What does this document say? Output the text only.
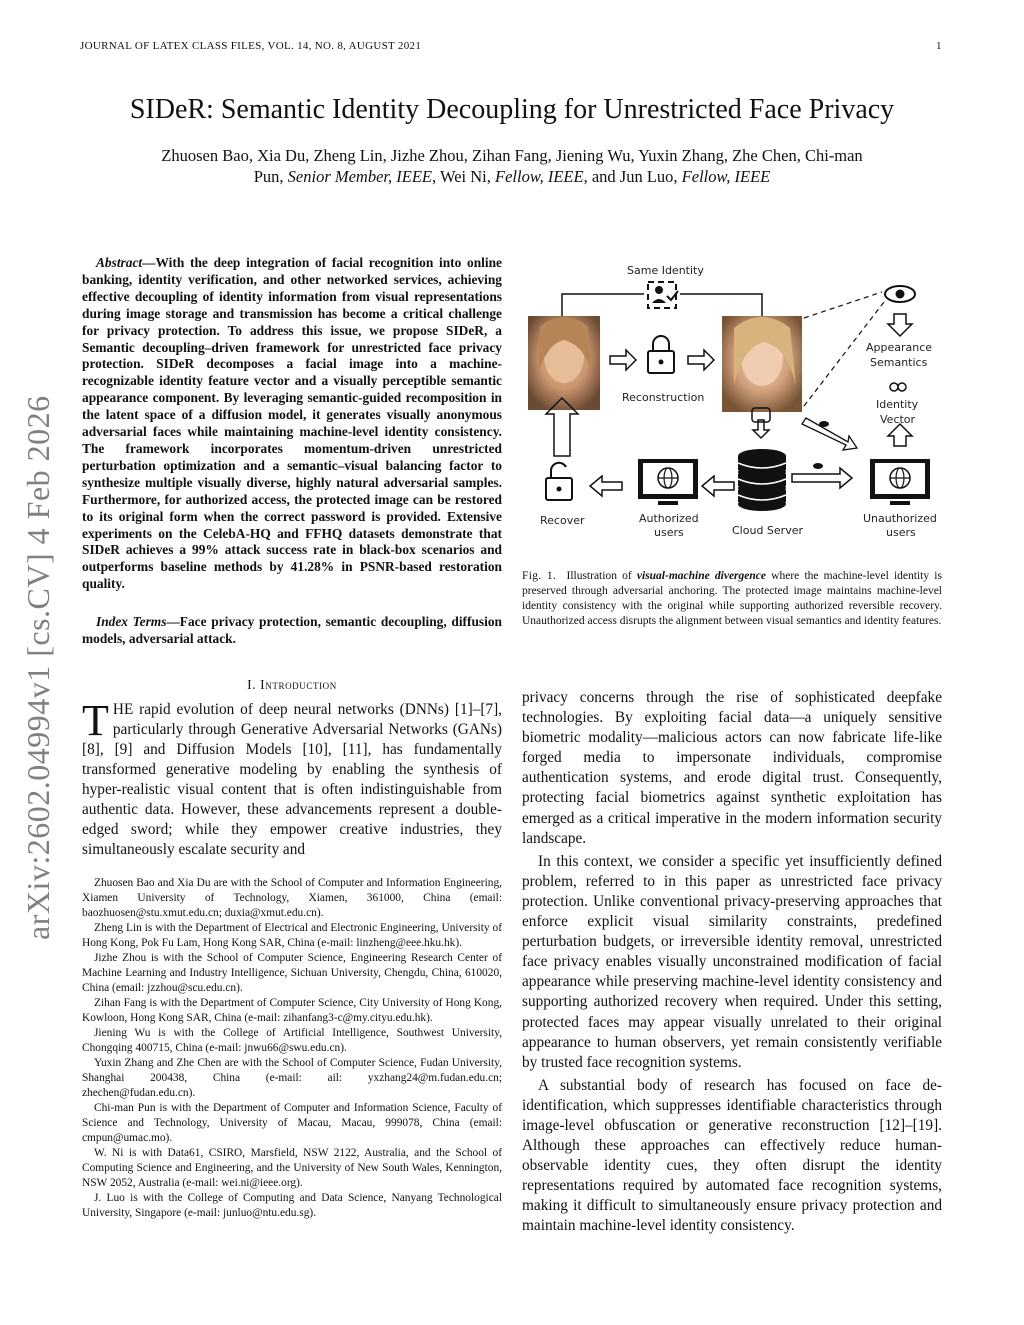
JOURNAL OF LATEX CLASS FILES, VOL. 14, NO. 8, AUGUST 2021	1
arXiv:2602.04994v1 [cs.CV] 4 Feb 2026
SIDeR: Semantic Identity Decoupling for Unrestricted Face Privacy
Zhuosen Bao, Xia Du, Zheng Lin, Jizhe Zhou, Zihan Fang, Jiening Wu, Yuxin Zhang, Zhe Chen, Chi-man
Pun, Senior Member, IEEE, Wei Ni, Fellow, IEEE, and Jun Luo, Fellow, IEEE

Abstract—With the deep integration of facial recognition into online banking, identity verification, and other networked services, achieving effective decoupling of identity information from visual representations during image storage and transmission has become a critical challenge for privacy protection. To address this issue, we propose SIDeR, a Semantic decoupling–driven framework for unrestricted face privacy protection. SIDeR decomposes a facial image into a machine-recognizable identity feature vector and a visually perceptible semantic appearance component. By leveraging semantic-guided recomposition in the latent space of a diffusion model, it generates visually anonymous adversarial faces while maintaining machine-level identity consistency. The framework incorporates momentum-driven unrestricted perturbation optimization and a semantic–visual balancing factor to synthesize multiple visually diverse, highly natural adversarial samples. Furthermore, for authorized access, the protected image can be restored to its original form when the correct password is provided. Extensive experiments on the CelebA-HQ and FFHQ datasets demonstrate that SIDeR achieves a 99% attack success rate in black-box scenarios and outperforms baseline methods by 41.28% in PSNR-based restoration quality.

Index Terms—Face privacy protection, semantic decoupling, diffusion models, adversarial attack.
I. Introduction

THE rapid evolution of deep neural networks (DNNs) [1]–[7], particularly through Generative Adversarial Networks (GANs) [8], [9] and Diffusion Models [10], [11], has fundamentally transformed generative modeling by enabling the synthesis of hyper-realistic visual content that is often indistinguishable from authentic data. However, these advancements represent a double-edged sword; while they empower creative industries, they simultaneously escalate security and

Zhuosen Bao and Xia Du are with the School of Computer and Information Engineering, Xiamen University of Technology, Xiamen, 361000, China (email: baozhuosen@stu.xmut.edu.cn; duxia@xmut.edu.cn).

Zheng Lin is with the Department of Electrical and Electronic Engineering, University of Hong Kong, Pok Fu Lam, Hong Kong SAR, China (e-mail: linzheng@eee.hku.hk).

Jizhe Zhou is with the School of Computer Science, Engineering Research Center of Machine Learning and Industry Intelligence, Sichuan University, Chengdu, China, 610020, China (email: jzzhou@scu.edu.cn).

Zihan Fang is with the Department of Computer Science, City University of Hong Kong, Kowloon, Hong Kong SAR, China (e-mail: zihanfang3-c@my.cityu.edu.hk).

Jiening Wu is with the College of Artificial Intelligence, Southwest University, Chongqing 400715, China (e-mail: jnwu66@swu.edu.cn).

Yuxin Zhang and Zhe Chen are with the School of Computer Science, Fudan University, Shanghai 200438, China (e-mail: ail: yxzhang24@m.fudan.edu.cn; zhechen@fudan.edu.cn).

Chi-man Pun is with the Department of Computer and Information Science, Faculty of Science and Technology, University of Macau, Macau, 999078, China (email: cmpun@umac.mo).

W. Ni is with Data61, CSIRO, Marsfield, NSW 2122, Australia, and the School of Computing Science and Engineering, and the University of New South Wales, Kennington, NSW 2052, Australia (e-mail: wei.ni@ieee.org).

J. Luo is with the College of Computing and Data Science, Nanyang Technological University, Singapore (e-mail: junluo@ntu.edu.sg).

Same Identity
Reconstruction
Appearance
Semantics
Identity
Vector
Recover	Authorized
users	Cloud Server
Unauthorized
users
Fig. 1. Illustration of visual-machine divergence where the machine-level identity is preserved through adversarial anchoring. The protected image maintains machine-level identity consistency with the original while supporting authorized reversible recovery. Unauthorized access disrupts the alignment between visual semantics and identity features.

privacy concerns through the rise of sophisticated deepfake technologies. By exploiting facial data—a uniquely sensitive biometric modality—malicious actors can now fabricate life-like forged media to impersonate individuals, compromise authentication systems, and erode digital trust. Consequently, protecting facial biometrics against synthetic exploitation has emerged as a critical imperative in the modern information security landscape.

In this context, we consider a specific yet insufficiently defined problem, referred to in this paper as unrestricted face privacy protection. Unlike conventional privacy-preserving approaches that enforce explicit visual similarity constraints, predefined perturbation budgets, or irreversible identity removal, unrestricted face privacy enables visually unconstrained modification of facial appearance while preserving machine-level identity consistency and supporting authorized recovery when required. Under this setting, protected faces may appear visually unrelated to their original appearance to human observers, yet remain consistently verifiable by trusted face recognition systems.

A substantial body of research has focused on face de-identification, which suppresses identifiable characteristics through image-level obfuscation or generative reconstruction [12]–[19]. Although these approaches can effectively reduce human-observable identity cues, they often disrupt the identity representations required by automated face recognition systems, making it difficult to simultaneously ensure privacy protection and maintain machine-level identity consistency.
